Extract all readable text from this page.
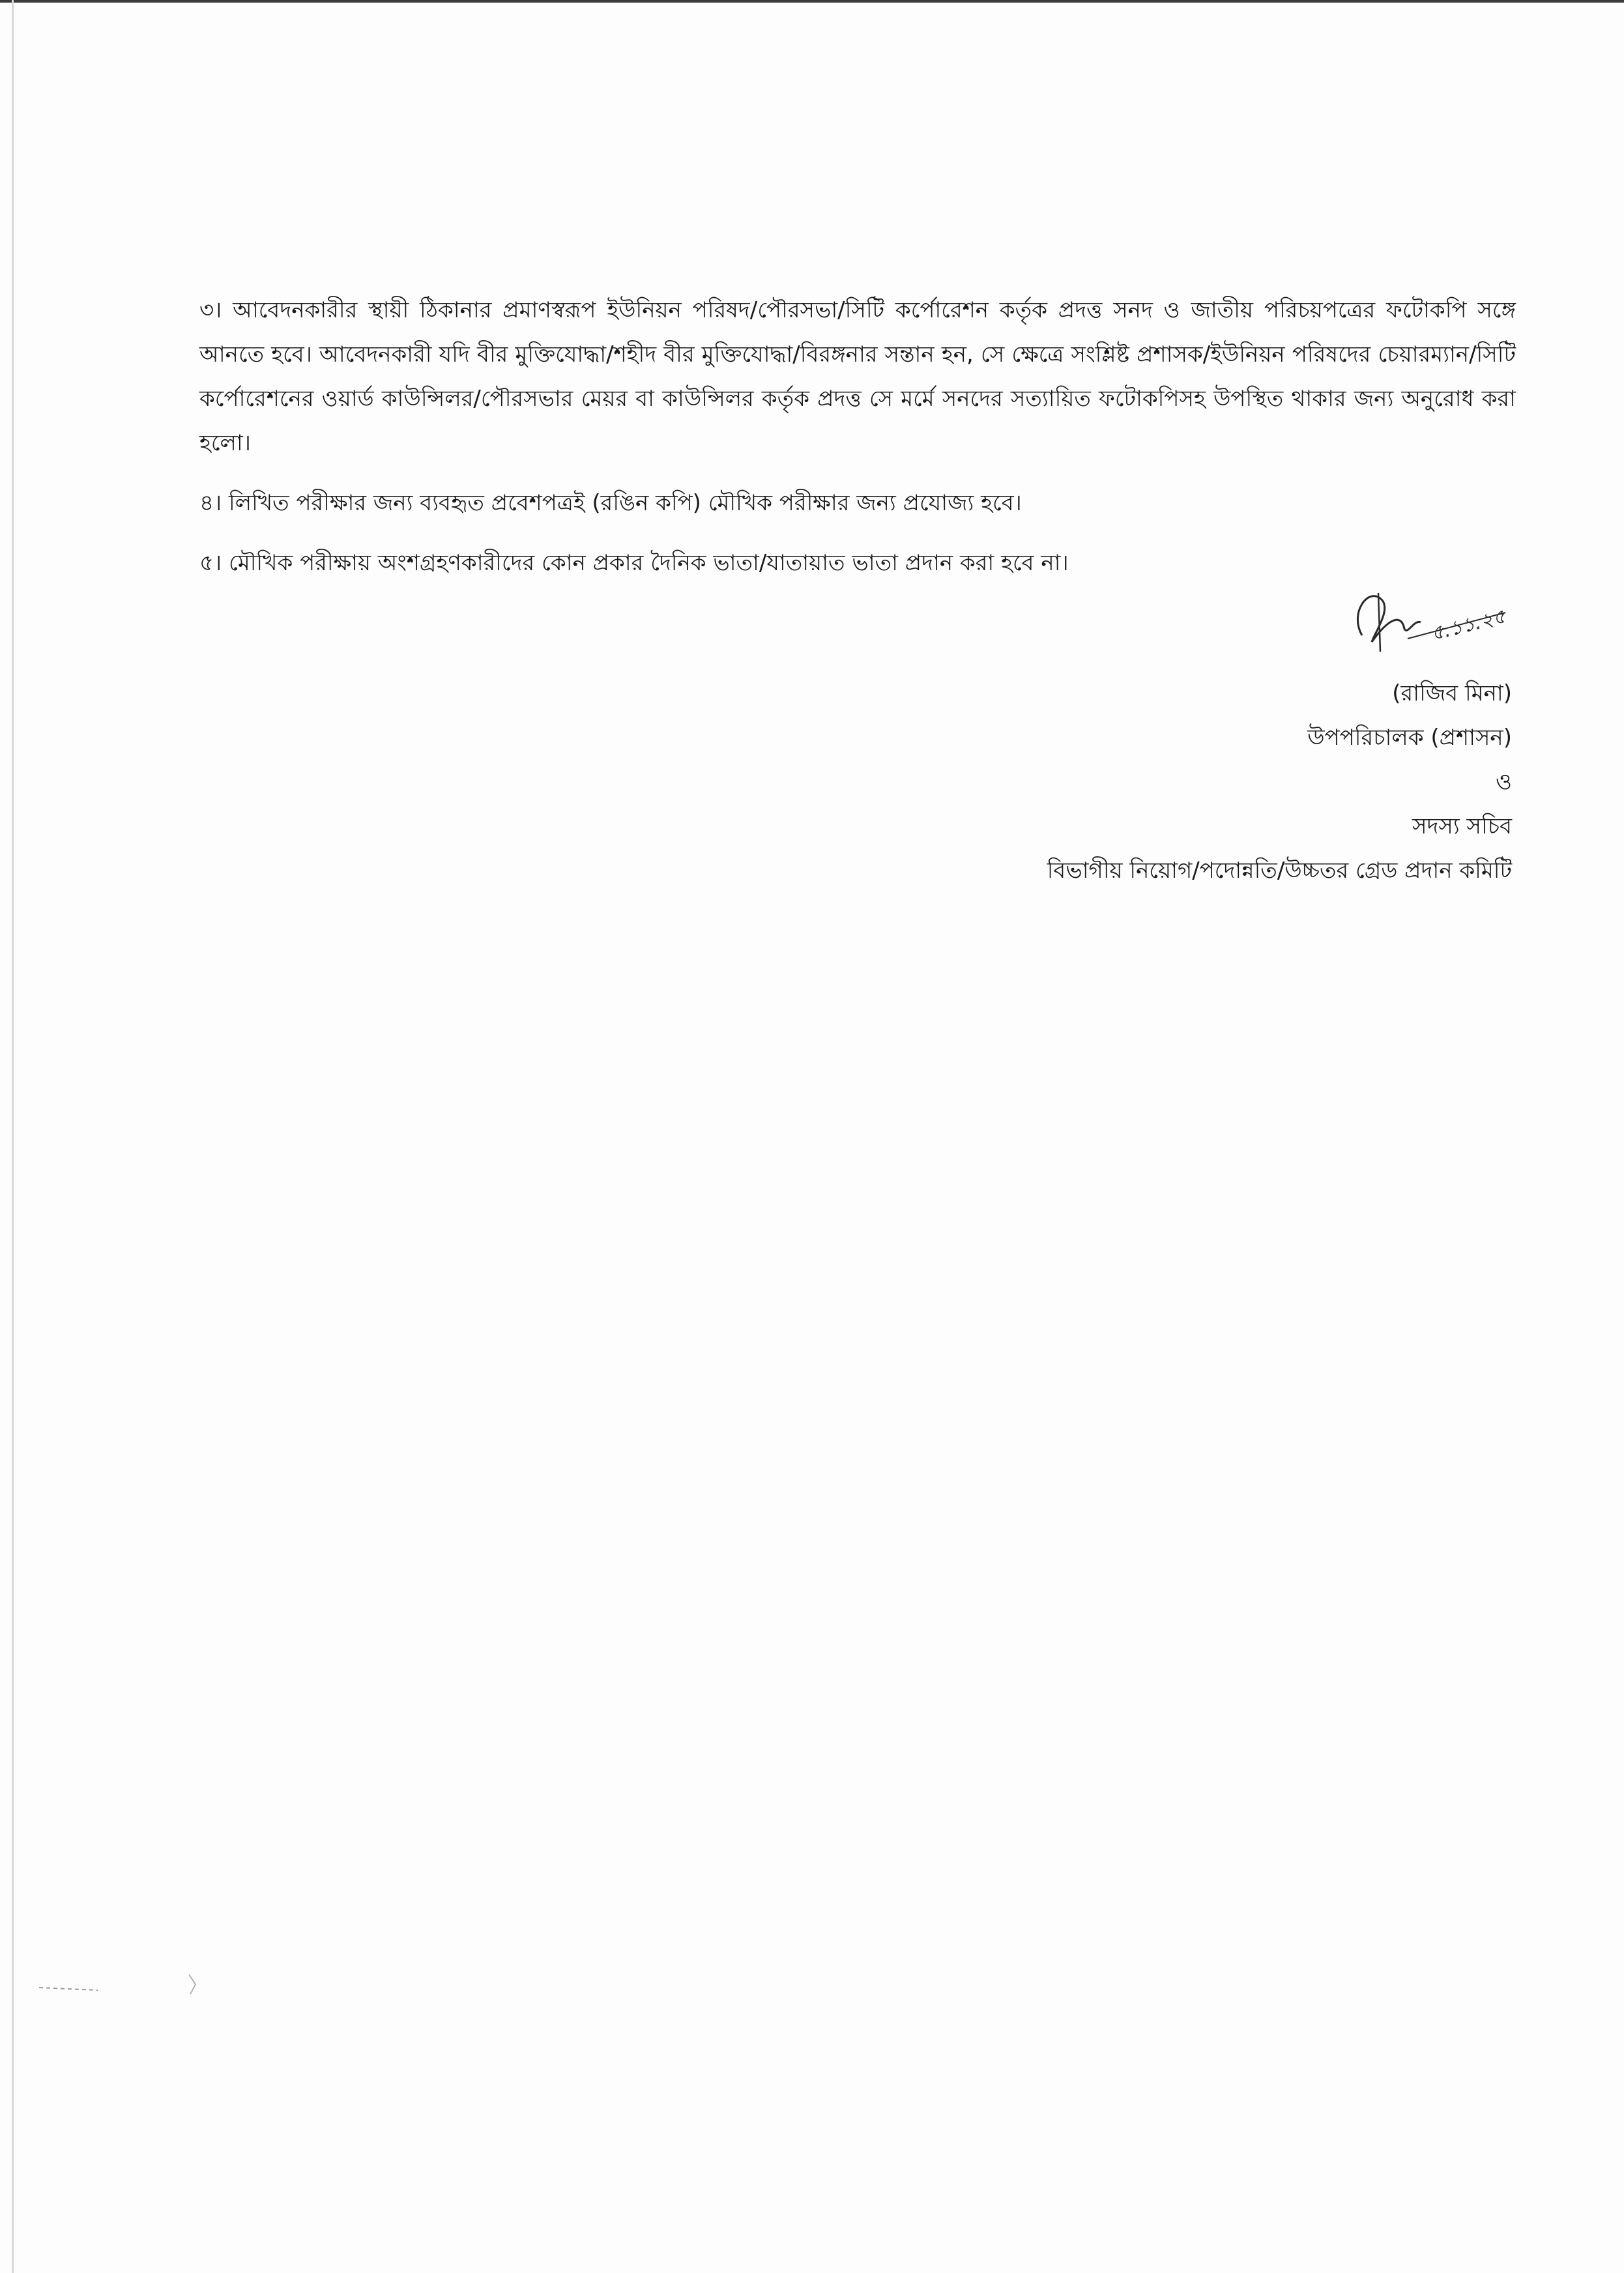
৩। আবেদনকারীর স্থায়ী ঠিকানার প্রমাণস্বরূপ ইউনিয়ন পরিষদ/পৌরসভা/সিটি কর্পোরেশন কর্তৃক প্রদত্ত সনদ ও জাতীয় পরিচয়পত্রের ফটোকপি সঙ্গে আনতে হবে। আবেদনকারী যদি বীর মুক্তিযোদ্ধা/শহীদ বীর মুক্তিযোদ্ধা/বিরঙ্গনার সন্তান হন, সে ক্ষেত্রে সংশ্লিষ্ট প্রশাসক/ইউনিয়ন পরিষদের চেয়ারম্যান/সিটি কর্পোরেশনের ওয়ার্ড কাউন্সিলর/পৌরসভার মেয়র বা কাউন্সিলর কর্তৃক প্রদত্ত সে মর্মে সনদের সত্যায়িত ফটোকপিসহ উপস্থিত থাকার জন্য অনুরোধ করা হলো।

৪। লিখিত পরীক্ষার জন্য ব্যবহৃত প্রবেশপত্রই (রঙিন কপি) মৌখিক পরীক্ষার জন্য প্রযোজ্য হবে।

৫। মৌখিক পরীক্ষায় অংশগ্রহণকারীদের কোন প্রকার দৈনিক ভাতা/যাতায়াত ভাতা প্রদান করা হবে না।

৫.১১.২৫
(রাজিব মিনা)
উপপরিচালক (প্রশাসন)
ও
সদস্য সচিব
বিভাগীয় নিয়োগ/পদোন্নতি/উচ্চতর গ্রেড প্রদান কমিটি
